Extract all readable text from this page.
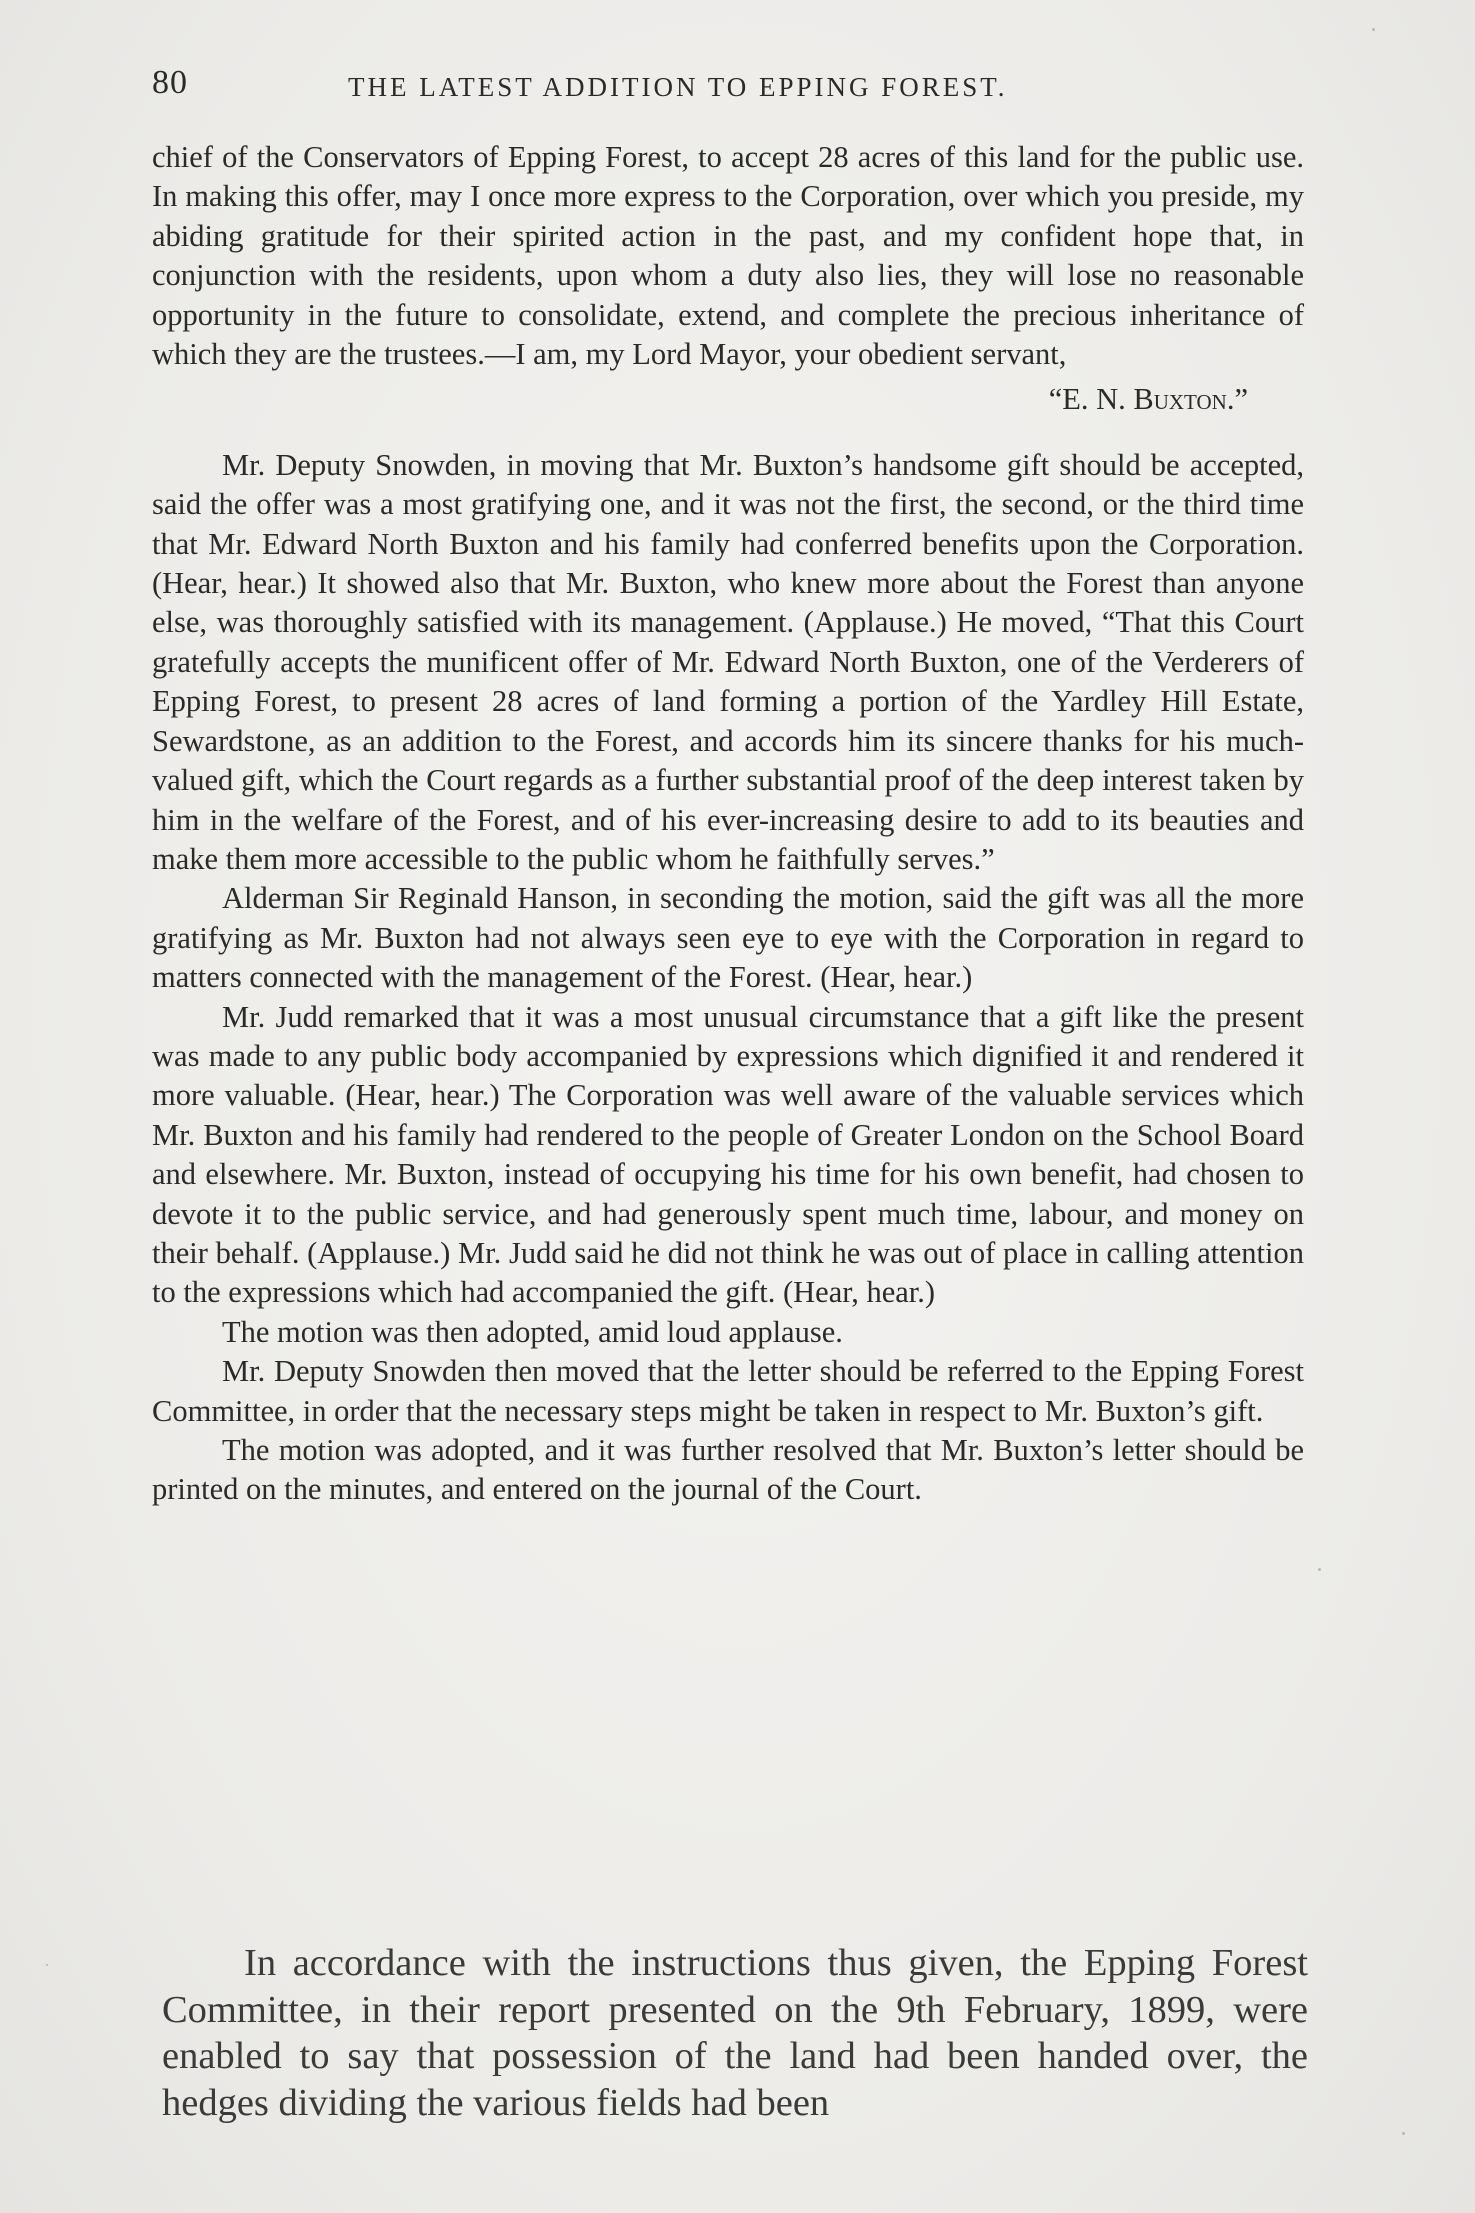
80	THE LATEST ADDITION TO EPPING FOREST.

chief of the Conservators of Epping Forest, to accept 28 acres of this land for the public use. In making this offer, may I once more express to the Corporation, over which you preside, my abiding gratitude for their spirited action in the past, and my confident hope that, in conjunction with the residents, upon whom a duty also lies, they will lose no reasonable opportunity in the future to consolidate, extend, and complete the precious inheritance of which they are the trustees.—I am, my Lord Mayor, your obedient servant,

“E. N. Buxton.”

Mr. Deputy Snowden, in moving that Mr. Buxton’s handsome gift should be accepted, said the offer was a most gratifying one, and it was not the first, the second, or the third time that Mr. Edward North Buxton and his family had conferred benefits upon the Corporation. (Hear, hear.) It showed also that Mr. Buxton, who knew more about the Forest than anyone else, was thoroughly satisfied with its management. (Applause.) He moved, “That this Court gratefully accepts the munificent offer of Mr. Edward North Buxton, one of the Verderers of Epping Forest, to present 28 acres of land forming a portion of the Yardley Hill Estate, Sewardstone, as an addition to the Forest, and accords him its sincere thanks for his much-valued gift, which the Court regards as a further substantial proof of the deep interest taken by him in the welfare of the Forest, and of his ever-increasing desire to add to its beauties and make them more accessible to the public whom he faithfully serves.”

Alderman Sir Reginald Hanson, in seconding the motion, said the gift was all the more gratifying as Mr. Buxton had not always seen eye to eye with the Corporation in regard to matters connected with the management of the Forest. (Hear, hear.)

Mr. Judd remarked that it was a most unusual circumstance that a gift like the present was made to any public body accompanied by expressions which dignified it and rendered it more valuable. (Hear, hear.) The Corporation was well aware of the valuable services which Mr. Buxton and his family had rendered to the people of Greater London on the School Board and elsewhere. Mr. Buxton, instead of occupying his time for his own benefit, had chosen to devote it to the public service, and had generously spent much time, labour, and money on their behalf. (Applause.) Mr. Judd said he did not think he was out of place in calling attention to the expressions which had accompanied the gift. (Hear, hear.)

The motion was then adopted, amid loud applause.

Mr. Deputy Snowden then moved that the letter should be referred to the Epping Forest Committee, in order that the necessary steps might be taken in respect to Mr. Buxton’s gift.

The motion was adopted, and it was further resolved that Mr. Buxton’s letter should be printed on the minutes, and entered on the journal of the Court.

In accordance with the instructions thus given, the Epping Forest Committee, in their report presented on the 9th February, 1899, were enabled to say that possession of the land had been handed over, the hedges dividing the various fields had been
